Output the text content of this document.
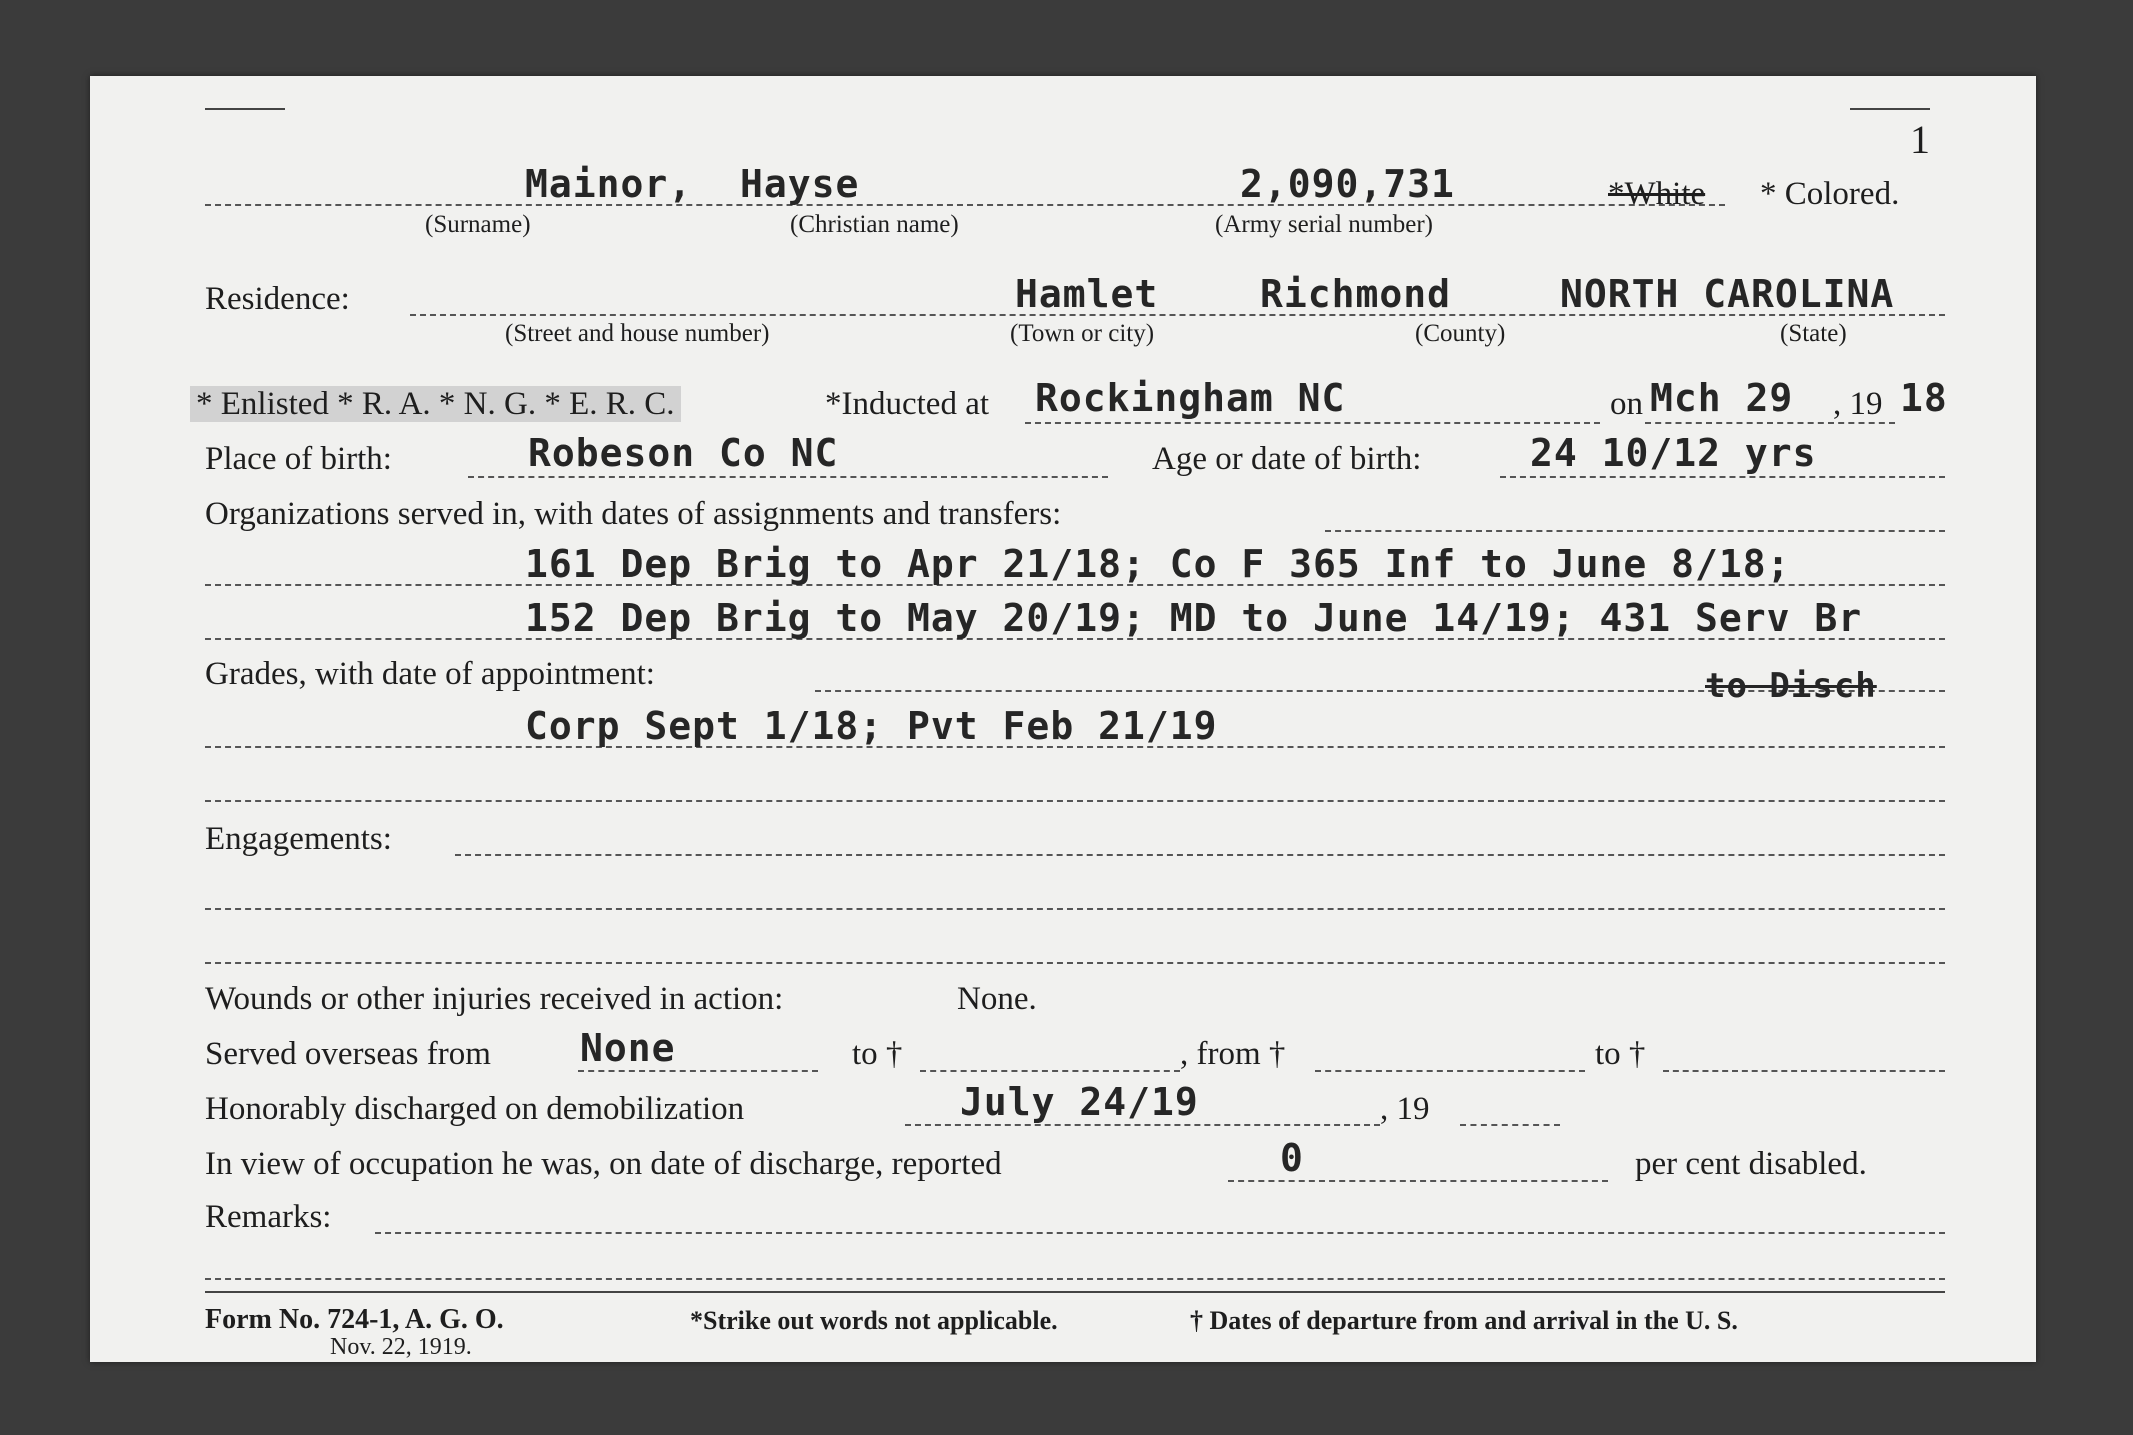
1
Mainor, Hayse	2,090,731	*White * Colored.
(Surname)	(Christian name)	(Army serial number)
Residence:	Hamlet	Richmond	NORTH CAROLINA
(Street and house number)	(Town or city)	(County)	(State)
* Enlisted * R. A. * N. G. * E. R. C.	*Inducted at Rockingham NC	on Mch 29 , 19 18
Place of birth:	Robeson Co NC	Age or date of birth:	24 10/12 yrs
Organizations served in, with dates of assignments and transfers:
161 Dep Brig to Apr 21/18; Co F 365 Inf to June 8/18;
152 Dep Brig to May 20/19; MD to June 14/19; 431 Serv Br
Grades, with date of appointment:	to Disch
Corp Sept 1/18; Pvt Feb 21/19
Engagements:
Wounds or other injuries received in action:	None.
Served overseas from None	to †	, from †	to †
Honorably discharged on demobilization	July 24/19	, 19
In view of occupation he was, on date of discharge, reported	0	per cent disabled.
Remarks:
Form No. 724-1, A. G. O.
Nov. 22, 1919.
*Strike out words not applicable.	† Dates of departure from and arrival in the U. S.
